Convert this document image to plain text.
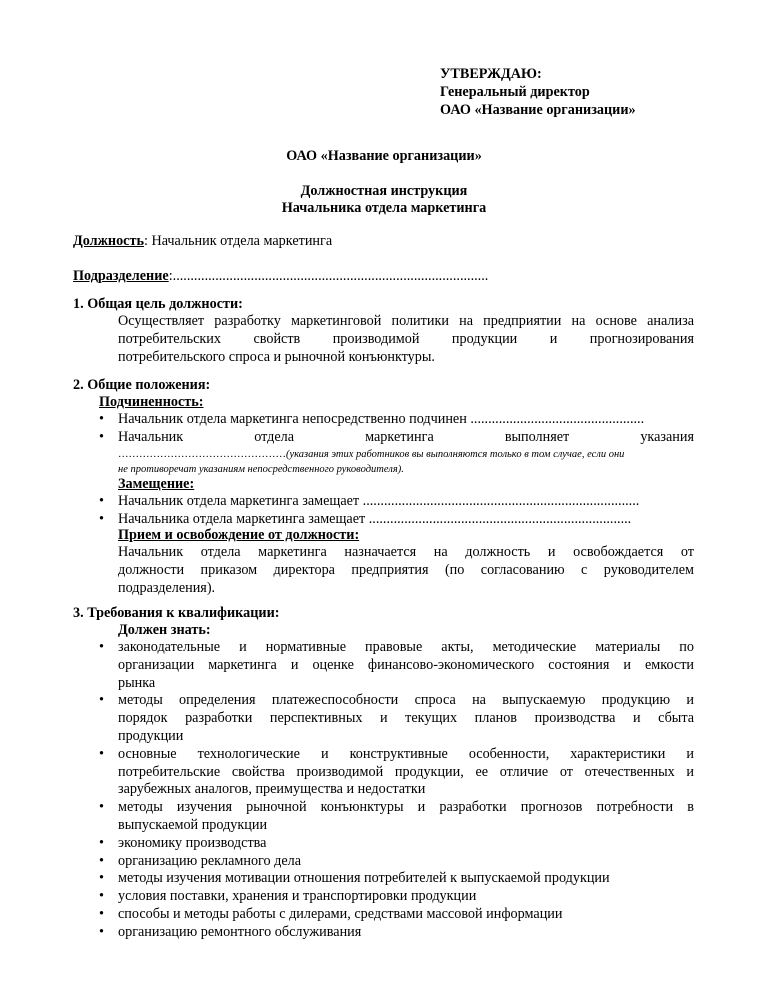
УТВЕРЖДАЮ:
Генеральный директор
ОАО «Название организации»
ОАО «Название организации»
Должностная инструкция
Начальника отдела маркетинга
Должность: Начальник отдела маркетинга
Подразделение:.........................................................................................
1. Общая цель должности:
Осуществляет разработку маркетинговой политики на предприятии на основе анализа
потребительских свойств производимой продукции и прогнозирования
потребительского спроса и рыночной конъюнктуры.
2. Общие положения:
Подчиненность:
• Начальник отдела маркетинга непосредственно подчинен .................................................
• Начальник отдела маркетинга выполняет указания
…………………………………………(указания этих работников вы выполняются только в том случае, если они
не противоречат указаниям непосредственного руководителя).
Замещение:
• Начальник отдела маркетинга замещает ..............................................................................
• Начальника отдела маркетинга замещает ..........................................................................
Прием и освобождение от должности:
Начальник отдела маркетинга назначается на должность и освобождается от
должности приказом директора предприятия (по согласованию с руководителем
подразделения).
3. Требования к квалификации:
Должен знать:
• законодательные и нормативные правовые акты, методические материалы по
организации маркетинга и оценке финансово-экономического состояния и емкости
рынка
• методы определения платежеспособности спроса на выпускаемую продукцию и
порядок разработки перспективных и текущих планов производства и сбыта
продукции
• основные технологические и конструктивные особенности, характеристики и
потребительские свойства производимой продукции, ее отличие от отечественных и
зарубежных аналогов, преимущества и недостатки
• методы изучения рыночной конъюнктуры и разработки прогнозов потребности в
выпускаемой продукции
• экономику производства
• организацию рекламного дела
• методы изучения мотивации отношения потребителей к выпускаемой продукции
• условия поставки, хранения и транспортировки продукции
• способы и методы работы с дилерами, средствами массовой информации
• организацию ремонтного обслуживания
